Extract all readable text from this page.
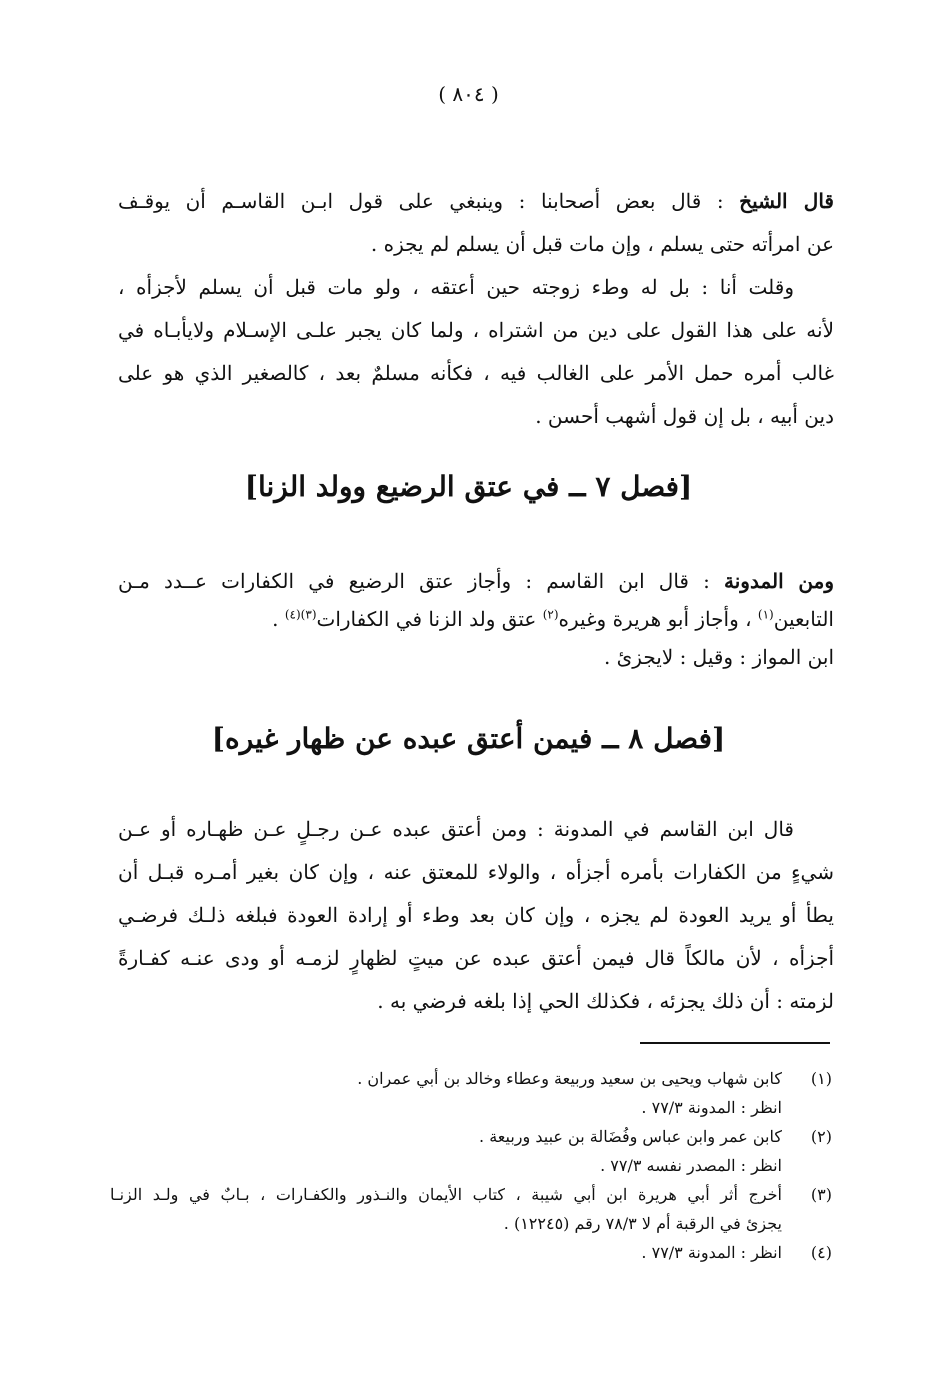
( ٨٠٤ )
قال الشيخ : قال بعض أصحابنا : وينبغي على قول ابـن القاسـم أن يوقـف
عن امرأته حتى يسلم ، وإن مات قبل أن يسلم لم يجزه .
وقلت أنا : بل له وطء زوجته حين أعتقه ، ولو مات قبل أن يسلم لأجزأه ،
لأنه على هذا القول على دين من اشتراه ، ولما كان يجبر علـى الإسـلام ولايأبـاه في
غالب أمره حمل الأمر على الغالب فيه ، فكأنه مسلمٌ بعد ، كالصغير الذي هو على
دين أبيه ، بل إن قول أشهب أحسن .
[فصل ٧ ــ في عتق الرضيع وولد الزنا]
ومن المدونة : قال ابن القاسم : وأجاز عتق الرضيع في الكفارات عــدد مـن
التابعين$^{(١)}$ ، وأجاز أبو هريرة وغيره$^{(٢)}$ عتق ولد الزنا في الكفارات$^{(٣)(٤)}$ .
ابن المواز : وقيل : لايجزئ .
[فصل ٨ ــ فيمن أعتق عبده عن ظهار غيره]
قال ابن القاسم في المدونة : ومن أعتق عبده عـن رجـلٍ عـن ظهـاره أو عـن
شيءٍ من الكفارات بأمره أجزأه ، والولاء للمعتق عنه ، وإن كان بغير أمـره قبـل أن
يطأ أو يريد العودة لم يجزه ، وإن كان بعد وطء أو إرادة العودة فبلغه ذلـك فرضـي
أجزأه ، لأن مالكاً قال فيمن أعتق عبده عن ميتٍ لظهارٍ لزمـه أو ودى عنـه كفـارةً
لزمته : أن ذلك يجزئه ، فكذلك الحي إذا بلغه فرضي به .
(١)
كابن شهاب ويحيى بن سعيد وربيعة وعطاء وخالد بن أبي عمران .
انظر : المدونة ٧٧/٣ .
(٢)
كابن عمر وابن عباس وفُضَالة بن عبيد وربيعة .
انظر : المصدر نفسه ٧٧/٣ .
(٣)
أخرج أثر أبي هريرة ابن أبي شيبة ، كتاب الأيمان والنـذور والكفـارات ، بـابٌ في ولـد الزنـا
يجزئ في الرقبة أم لا ٧٨/٣ رقم (١٢٢٤٥) .
(٤)
انظر : المدونة ٧٧/٣ .
